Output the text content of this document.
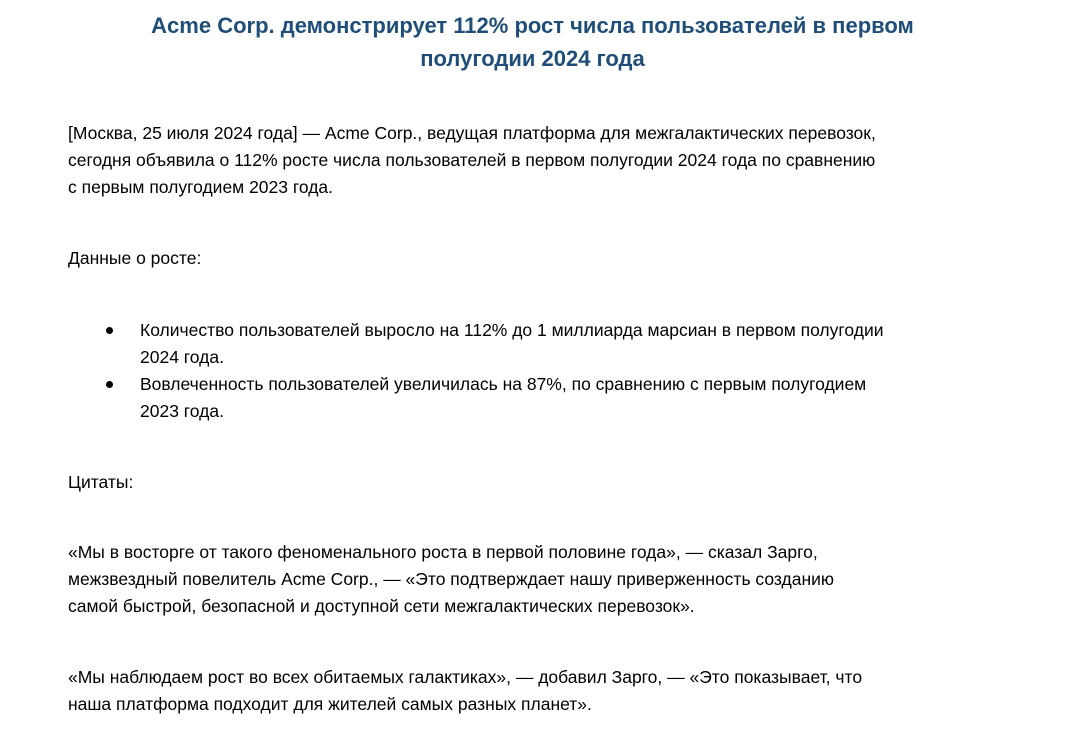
Acme Corp. демонстрирует 112% рост числа пользователей в первом
полугодии 2024 года

[Москва, 25 июля 2024 года] — Acme Corp., ведущая платформа для межгалактических перевозок,
сегодня объявила о 112% росте числа пользователей в первом полугодии 2024 года по сравнению
с первым полугодием 2023 года.

Данные о росте:

Количество пользователей выросло на 112% до 1 миллиарда марсиан в первом полугодии
2024 года.
Вовлеченность пользователей увеличилась на 87%, по сравнению с первым полугодием
2023 года.

Цитаты:

«Мы в восторге от такого феноменального роста в первой половине года», — сказал Зарго,
межзвездный повелитель Acme Corp., — «Это подтверждает нашу приверженность созданию
самой быстрой, безопасной и доступной сети межгалактических перевозок».

«Мы наблюдаем рост во всех обитаемых галактиках», — добавил Зарго, — «Это показывает, что
наша платформа подходит для жителей самых разных планет».
